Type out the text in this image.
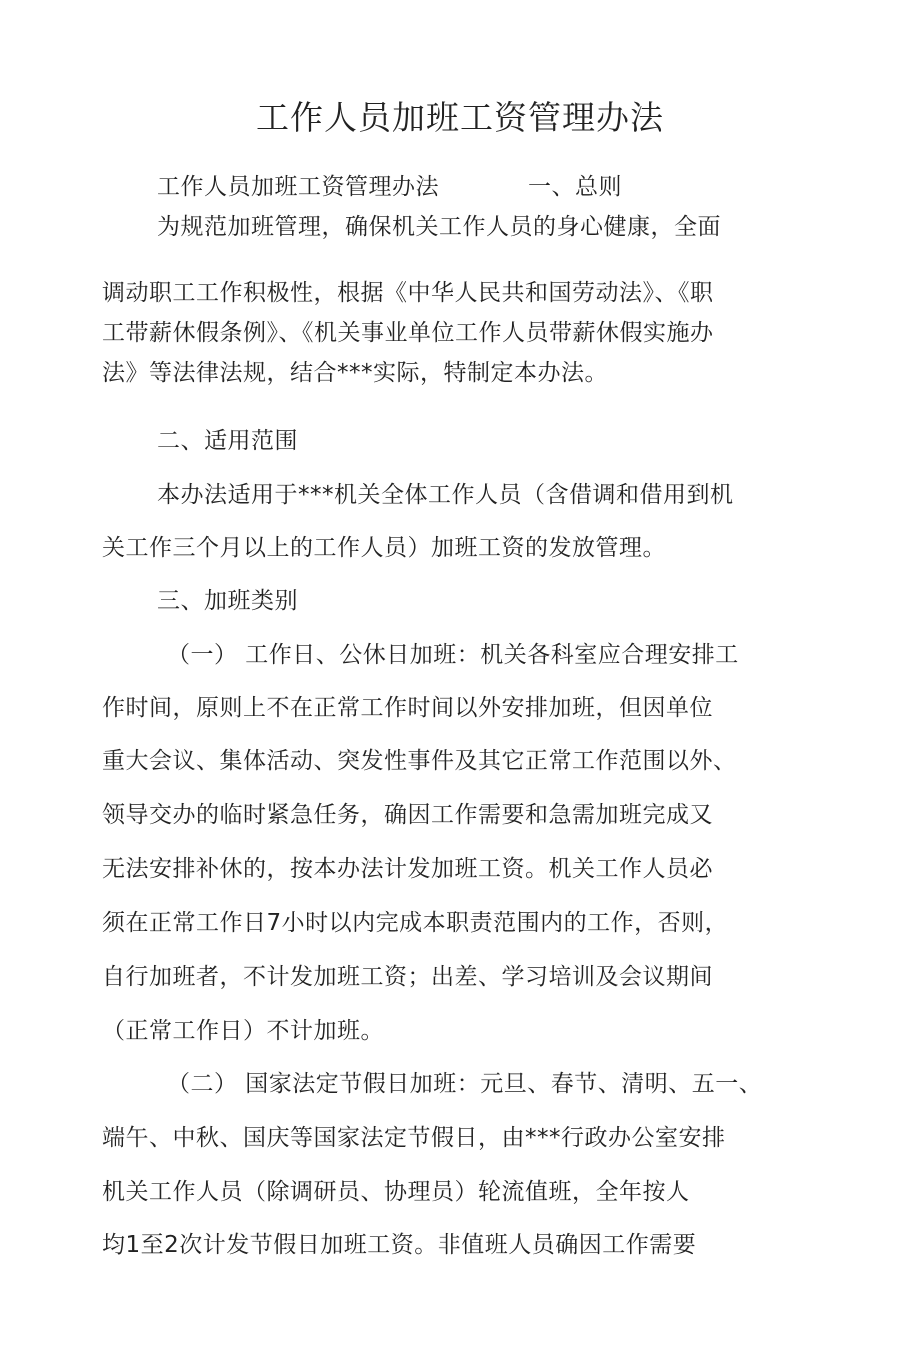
工作人员加班工资管理办法
工作人员加班工资管理办法	一、总则
为规范加班管理，确保机关工作人员的身心健康，全面
调动职工工作积极性，根据《中华人民共和国劳动法》、《职
工带薪休假条例》、《机关事业单位工作人员带薪休假实施办
法》等法律法规，结合***实际，特制定本办法。
二、适用范围
本办法适用于***机关全体工作人员（含借调和借用到机
关工作三个月以上的工作人员）加班工资的发放管理。
三、加班类别
（一） 工作日、公休日加班：机关各科室应合理安排工
作时间，原则上不在正常工作时间以外安排加班，但因单位
重大会议、集体活动、突发性事件及其它正常工作范围以外、
领导交办的临时紧急任务，确因工作需要和急需加班完成又
无法安排补休的，按本办法计发加班工资。机关工作人员必
须在正常工作日7小时以内完成本职责范围内的工作，否则，
自行加班者，不计发加班工资；出差、学习培训及会议期间
（正常工作日）不计加班。
（二） 国家法定节假日加班：元旦、春节、清明、五一、
端午、中秋、国庆等国家法定节假日，由***行政办公室安排
机关工作人员（除调研员、协理员）轮流值班，全年按人
均1至2次计发节假日加班工资。非值班人员确因工作需要
